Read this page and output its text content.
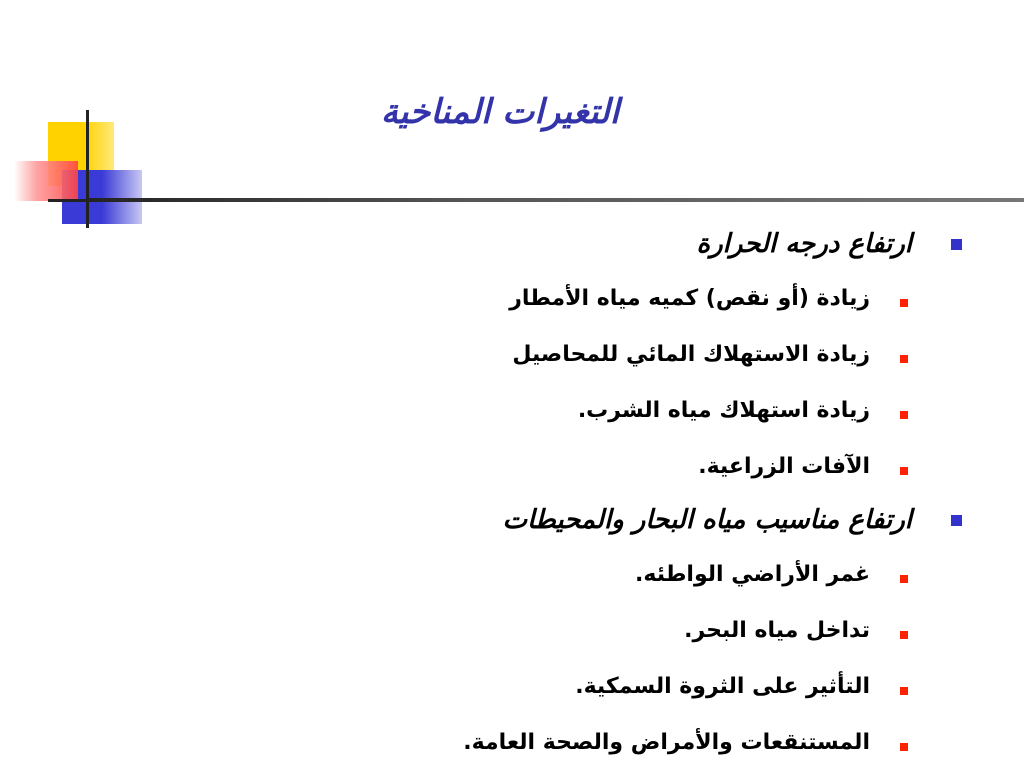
التغيرات المناخية
ارتفاع درجه الحرارة
زيادة (أو نقص) كميه مياه الأمطار
زيادة الاستهلاك المائي للمحاصيل
زيادة استهلاك مياه الشرب.
الآفات الزراعية.
ارتفاع مناسيب مياه البحار والمحيطات
غمر الأراضي الواطئه.
تداخل مياه البحر.
التأثير على الثروة السمكية.
المستنقعات والأمراض والصحة العامة.
